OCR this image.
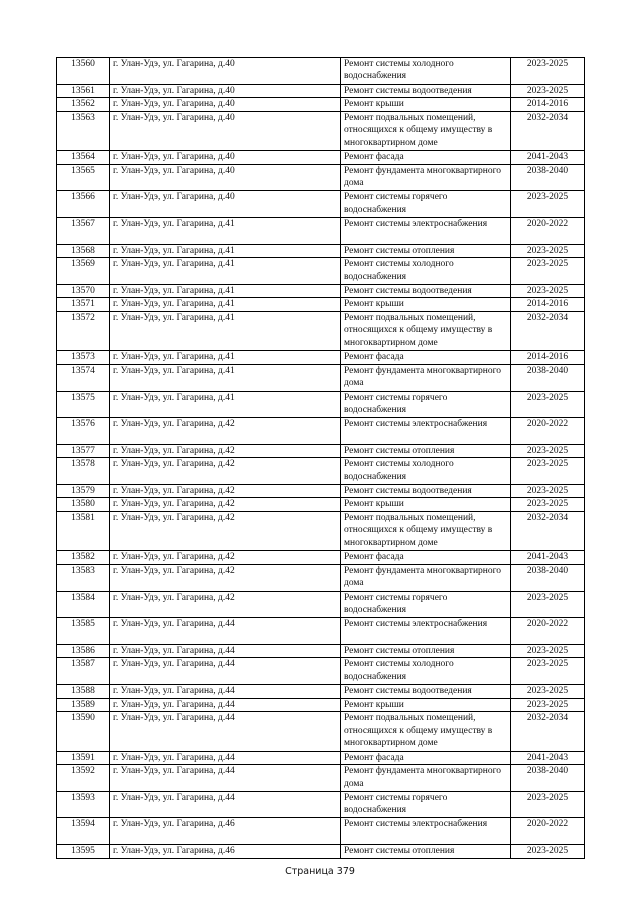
13560	г. Улан-Удэ, ул. Гагарина, д.40	Ремонт системы холодного водоснабжения	2023-2025
13561	г. Улан-Удэ, ул. Гагарина, д.40	Ремонт системы водоотведения	2023-2025
13562	г. Улан-Удэ, ул. Гагарина, д.40	Ремонт крыши	2014-2016
13563	г. Улан-Удэ, ул. Гагарина, д.40	Ремонт подвальных помещений, относящихся к общему имуществу в многоквартирном доме	2032-2034
13564	г. Улан-Удэ, ул. Гагарина, д.40	Ремонт фасада	2041-2043
13565	г. Улан-Удэ, ул. Гагарина, д.40	Ремонт фундамента многоквартирного дома	2038-2040
13566	г. Улан-Удэ, ул. Гагарина, д.40	Ремонт системы горячего водоснабжения	2023-2025
13567	г. Улан-Удэ, ул. Гагарина, д.41	Ремонт системы электроснабжения	2020-2022
13568	г. Улан-Удэ, ул. Гагарина, д.41	Ремонт системы отопления	2023-2025
13569	г. Улан-Удэ, ул. Гагарина, д.41	Ремонт системы холодного водоснабжения	2023-2025
13570	г. Улан-Удэ, ул. Гагарина, д.41	Ремонт системы водоотведения	2023-2025
13571	г. Улан-Удэ, ул. Гагарина, д.41	Ремонт крыши	2014-2016
13572	г. Улан-Удэ, ул. Гагарина, д.41	Ремонт подвальных помещений, относящихся к общему имуществу в многоквартирном доме	2032-2034
13573	г. Улан-Удэ, ул. Гагарина, д.41	Ремонт фасада	2014-2016
13574	г. Улан-Удэ, ул. Гагарина, д.41	Ремонт фундамента многоквартирного дома	2038-2040
13575	г. Улан-Удэ, ул. Гагарина, д.41	Ремонт системы горячего водоснабжения	2023-2025
13576	г. Улан-Удэ, ул. Гагарина, д.42	Ремонт системы электроснабжения	2020-2022
13577	г. Улан-Удэ, ул. Гагарина, д.42	Ремонт системы отопления	2023-2025
13578	г. Улан-Удэ, ул. Гагарина, д.42	Ремонт системы холодного водоснабжения	2023-2025
13579	г. Улан-Удэ, ул. Гагарина, д.42	Ремонт системы водоотведения	2023-2025
13580	г. Улан-Удэ, ул. Гагарина, д.42	Ремонт крыши	2023-2025
13581	г. Улан-Удэ, ул. Гагарина, д.42	Ремонт подвальных помещений, относящихся к общему имуществу в многоквартирном доме	2032-2034
13582	г. Улан-Удэ, ул. Гагарина, д.42	Ремонт фасада	2041-2043
13583	г. Улан-Удэ, ул. Гагарина, д.42	Ремонт фундамента многоквартирного дома	2038-2040
13584	г. Улан-Удэ, ул. Гагарина, д.42	Ремонт системы горячего водоснабжения	2023-2025
13585	г. Улан-Удэ, ул. Гагарина, д.44	Ремонт системы электроснабжения	2020-2022
13586	г. Улан-Удэ, ул. Гагарина, д.44	Ремонт системы отопления	2023-2025
13587	г. Улан-Удэ, ул. Гагарина, д.44	Ремонт системы холодного водоснабжения	2023-2025
13588	г. Улан-Удэ, ул. Гагарина, д.44	Ремонт системы водоотведения	2023-2025
13589	г. Улан-Удэ, ул. Гагарина, д.44	Ремонт крыши	2023-2025
13590	г. Улан-Удэ, ул. Гагарина, д.44	Ремонт подвальных помещений, относящихся к общему имуществу в многоквартирном доме	2032-2034
13591	г. Улан-Удэ, ул. Гагарина, д.44	Ремонт фасада	2041-2043
13592	г. Улан-Удэ, ул. Гагарина, д.44	Ремонт фундамента многоквартирного дома	2038-2040
13593	г. Улан-Удэ, ул. Гагарина, д.44	Ремонт системы горячего водоснабжения	2023-2025
13594	г. Улан-Удэ, ул. Гагарина, д.46	Ремонт системы электроснабжения	2020-2022
13595	г. Улан-Удэ, ул. Гагарина, д.46	Ремонт системы отопления	2023-2025
Страница 379
